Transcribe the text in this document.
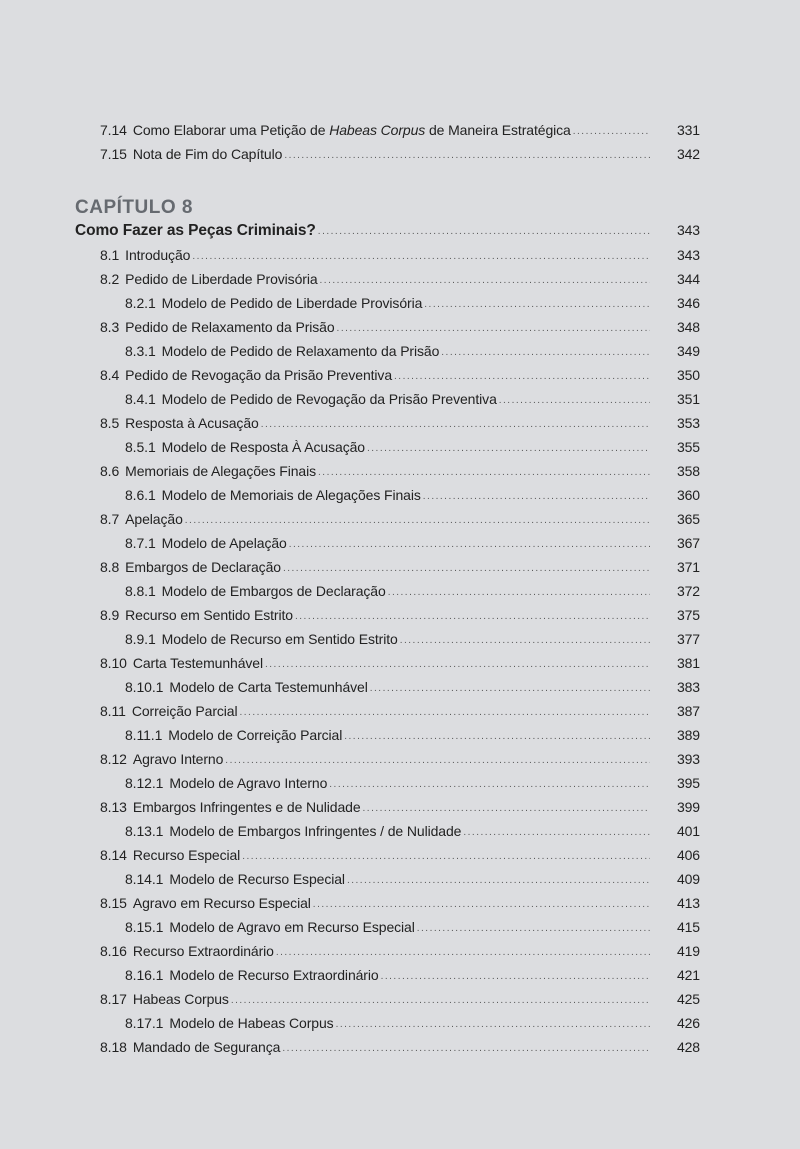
7.14 Como Elaborar uma Petição de Habeas Corpus de Maneira Estratégica .....	331
7.15 Nota de Fim do Capítulo .....	342
CAPÍTULO 8
Como Fazer as Peças Criminais? .....	343
8.1 Introdução .....	343
8.2 Pedido de Liberdade Provisória .....	344
8.2.1 Modelo de Pedido de Liberdade Provisória .....	346
8.3 Pedido de Relaxamento da Prisão .....	348
8.3.1 Modelo de Pedido de Relaxamento da Prisão .....	349
8.4 Pedido de Revogação da Prisão Preventiva .....	350
8.4.1 Modelo de Pedido de Revogação da Prisão Preventiva .....	351
8.5 Resposta à Acusação .....	353
8.5.1 Modelo de Resposta À Acusação .....	355
8.6 Memoriais de Alegações Finais .....	358
8.6.1 Modelo de Memoriais de Alegações Finais .....	360
8.7 Apelação .....	365
8.7.1 Modelo de Apelação .....	367
8.8 Embargos de Declaração .....	371
8.8.1 Modelo de Embargos de Declaração .....	372
8.9 Recurso em Sentido Estrito .....	375
8.9.1 Modelo de Recurso em Sentido Estrito .....	377
8.10 Carta Testemunhável .....	381
8.10.1 Modelo de Carta Testemunhável .....	383
8.11 Correição Parcial .....	387
8.11.1 Modelo de Correição Parcial .....	389
8.12 Agravo Interno .....	393
8.12.1 Modelo de Agravo Interno .....	395
8.13 Embargos Infringentes e de Nulidade .....	399
8.13.1 Modelo de Embargos Infringentes / de Nulidade .....	401
8.14 Recurso Especial .....	406
8.14.1 Modelo de Recurso Especial .....	409
8.15 Agravo em Recurso Especial .....	413
8.15.1 Modelo de Agravo em Recurso Especial .....	415
8.16 Recurso Extraordinário .....	419
8.16.1 Modelo de Recurso Extraordinário .....	421
8.17 Habeas Corpus .....	425
8.17.1 Modelo de Habeas Corpus .....	426
8.18 Mandado de Segurança .....	428
